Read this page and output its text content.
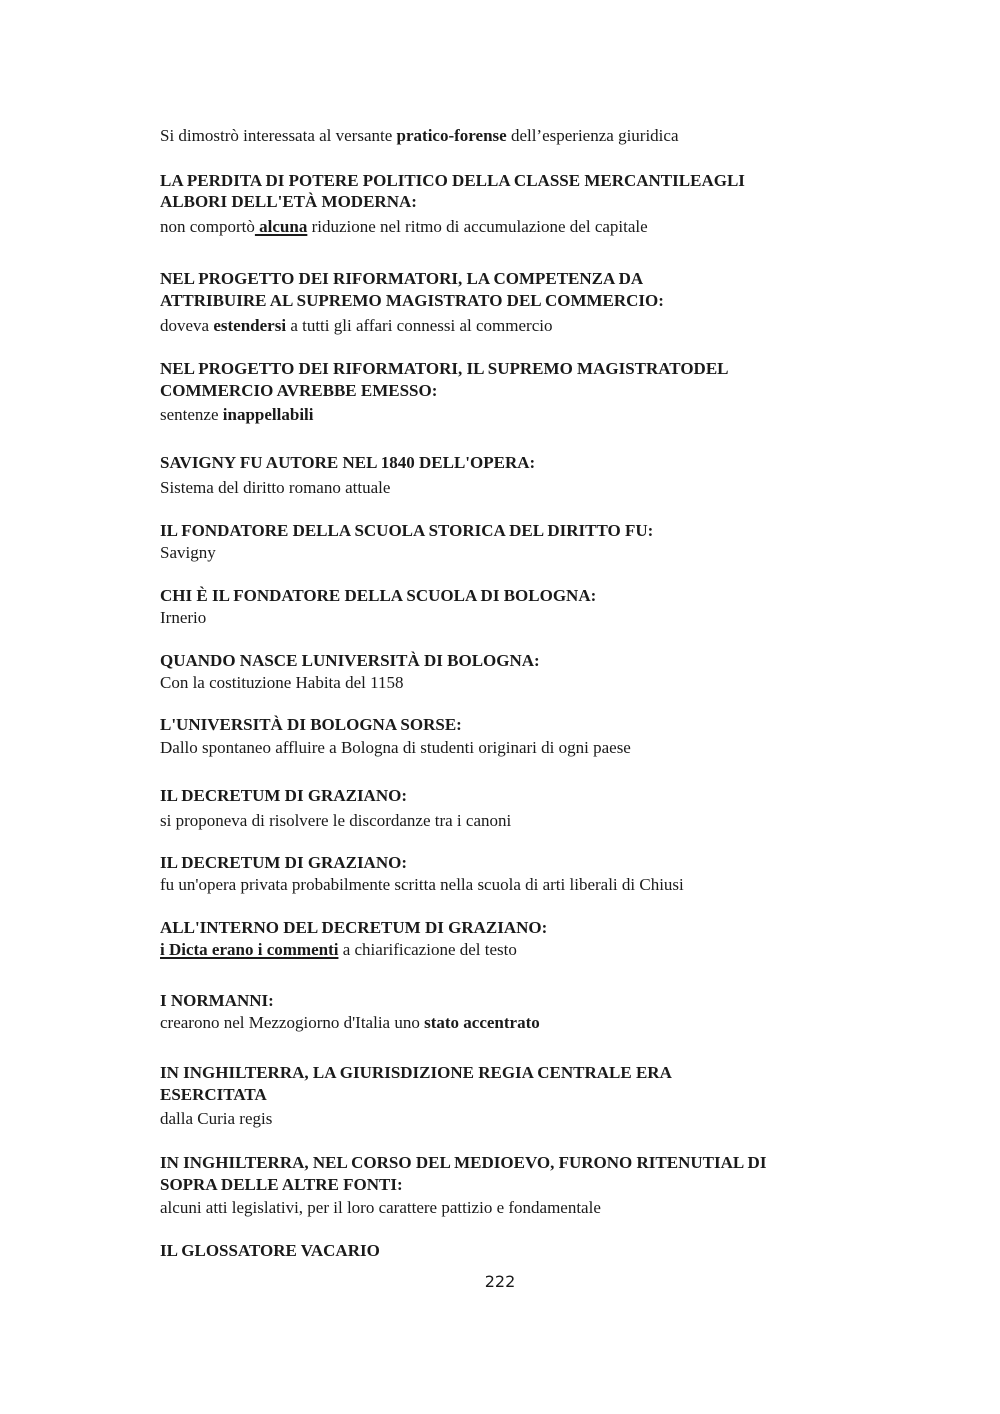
Si dimostrò interessata al versante pratico-forense dell’esperienza giuridica
LA PERDITA DI POTERE POLITICO DELLA CLASSE MERCANTILEAGLI
ALBORI DELL'ETÀ MODERNA:
non comportò alcuna riduzione nel ritmo di accumulazione del capitale
NEL PROGETTO DEI RIFORMATORI, LA COMPETENZA DA
ATTRIBUIRE AL SUPREMO MAGISTRATO DEL COMMERCIO:
doveva estendersi a tutti gli affari connessi al commercio
NEL PROGETTO DEI RIFORMATORI, IL SUPREMO MAGISTRATODEL
COMMERCIO AVREBBE EMESSO:
sentenze inappellabili
SAVIGNY FU AUTORE NEL 1840 DELL'OPERA:
Sistema del diritto romano attuale
IL FONDATORE DELLA SCUOLA STORICA DEL DIRITTO FU:
Savigny
CHI È IL FONDATORE DELLA SCUOLA DI BOLOGNA:
Irnerio
QUANDO NASCE LUNIVERSITÀ DI BOLOGNA:
Con la costituzione Habita del 1158
L'UNIVERSITÀ DI BOLOGNA SORSE:
Dallo spontaneo affluire a Bologna di studenti originari di ogni paese
IL DECRETUM DI GRAZIANO:
si proponeva di risolvere le discordanze tra i canoni
IL DECRETUM DI GRAZIANO:
fu un'opera privata probabilmente scritta nella scuola di arti liberali di Chiusi
ALL'INTERNO DEL DECRETUM DI GRAZIANO:
i Dicta erano i commenti a chiarificazione del testo
I NORMANNI:
crearono nel Mezzogiorno d'Italia uno stato accentrato
IN INGHILTERRA, LA GIURISDIZIONE REGIA CENTRALE ERA
ESERCITATA
dalla Curia regis
IN INGHILTERRA, NEL CORSO DEL MEDIOEVO, FURONO RITENUTIAL DI
SOPRA DELLE ALTRE FONTI:
alcuni atti legislativi, per il loro carattere pattizio e fondamentale
IL GLOSSATORE VACARIO
222
